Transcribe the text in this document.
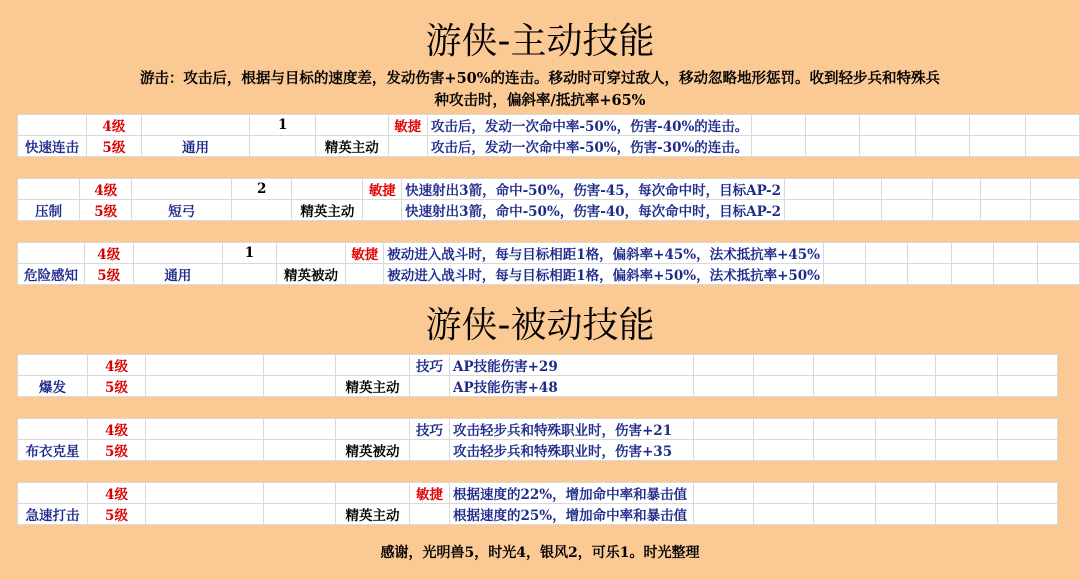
游侠-主动技能
游击：攻击后，根据与目标的速度差，发动伤害+50%的连击。移动时可穿过敌人，移动忽略地形惩罚。收到轻步兵和特殊兵
种攻击时，偏斜率/抵抗率+65%
游侠-被动技能
	4级		1		敏捷	攻击后，发动一次命中率-50%，伤害-40%的连击。						
快速连击	5级	通用		精英主动		攻击后，发动一次命中率-50%，伤害-30%的连击。						
	4级		2		敏捷	快速射出3箭，命中-50%，伤害-45，每次命中时，目标AP-2						
压制	5级	短弓		精英主动		快速射出3箭，命中-50%，伤害-40，每次命中时，目标AP-2						
	4级		1		敏捷	被动进入战斗时，每与目标相距1格，偏斜率+45%，法术抵抗率+45%						
危险感知	5级	通用		精英被动		被动进入战斗时，每与目标相距1格，偏斜率+50%，法术抵抗率+50%						
	4级				技巧	AP技能伤害+29						
爆发	5级			精英主动		AP技能伤害+48						
	4级				技巧	攻击轻步兵和特殊职业时，伤害+21						
布衣克星	5级			精英被动		攻击轻步兵和特殊职业时，伤害+35						
	4级				敏捷	根据速度的22%，增加命中率和暴击值						
急速打击	5级			精英主动		根据速度的25%，增加命中率和暴击值						
感谢，光明兽5，时光4，银风2，可乐1。时光整理
